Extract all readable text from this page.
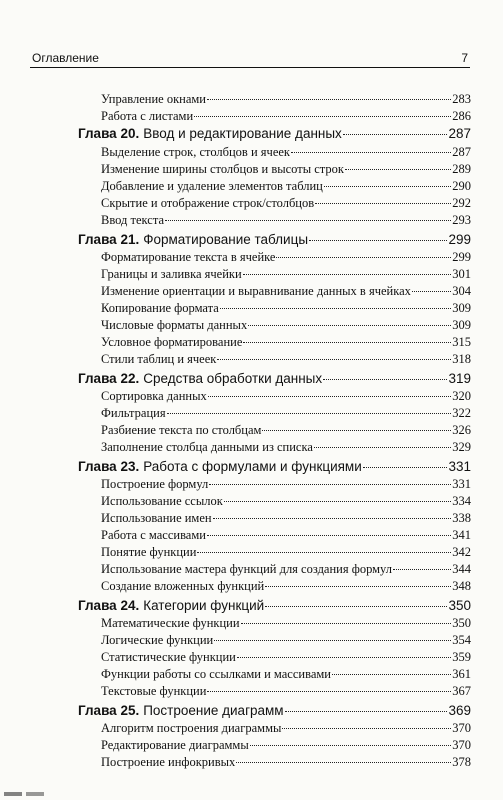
Оглавление	7
Управление окнами	283
Работа с листами	286
Глава 20. Ввод и редактирование данных	287
Выделение строк, столбцов и ячеек	287
Изменение ширины столбцов и высоты строк	289
Добавление и удаление элементов таблиц	290
Скрытие и отображение строк/столбцов	292
Ввод текста	293
Глава 21. Форматирование таблицы	299
Форматирование текста в ячейке	299
Границы и заливка ячейки	301
Изменение ориентации и выравнивание данных в ячейках	304
Копирование формата	309
Числовые форматы данных	309
Условное форматирование	315
Стили таблиц и ячеек	318
Глава 22. Средства обработки данных	319
Сортировка данных	320
Фильтрация	322
Разбиение текста по столбцам	326
Заполнение столбца данными из списка	329
Глава 23. Работа с формулами и функциями	331
Построение формул	331
Использование ссылок	334
Использование имен	338
Работа с массивами	341
Понятие функции	342
Использование мастера функций для создания формул	344
Создание вложенных функций	348
Глава 24. Категории функций	350
Математические функции	350
Логические функции	354
Статистические функции	359
Функции работы со ссылками и массивами	361
Текстовые функции	367
Глава 25. Построение диаграмм	369
Алгоритм построения диаграммы	370
Редактирование диаграммы	370
Построение инфокривых	378
